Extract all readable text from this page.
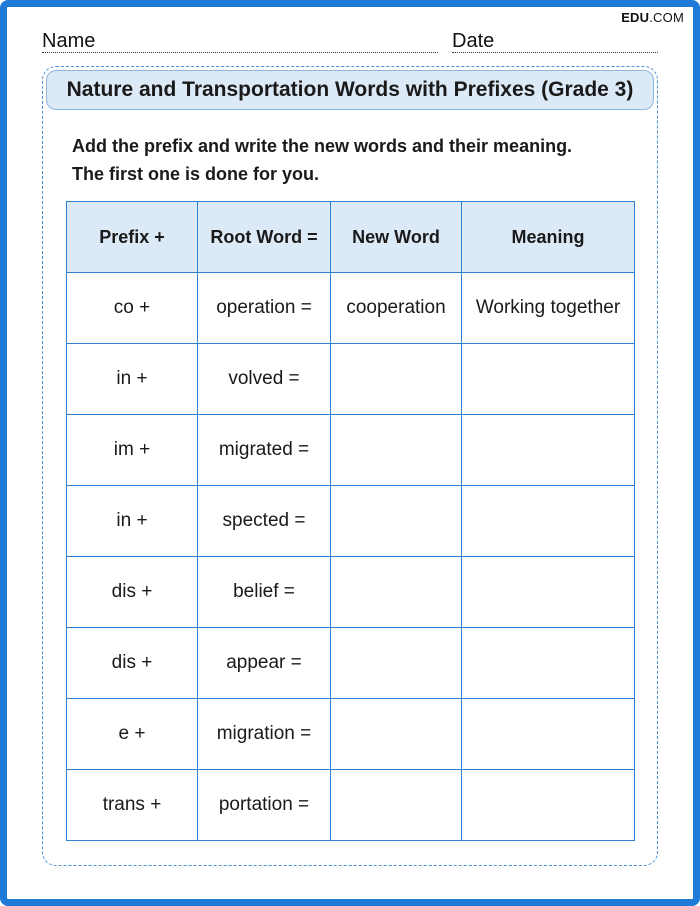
EDU.COM
Name	Date
Nature and Transportation Words with Prefixes (Grade 3)
Add the prefix and write the new words and their meaning.
The first one is done for you.
Prefix +	Root Word =	New Word	Meaning
co +	operation =	cooperation	Working together
in +	volved =		
im +	migrated =		
in +	spected =		
dis +	belief =		
dis +	appear =		
e +	migration =		
trans +	portation =		
